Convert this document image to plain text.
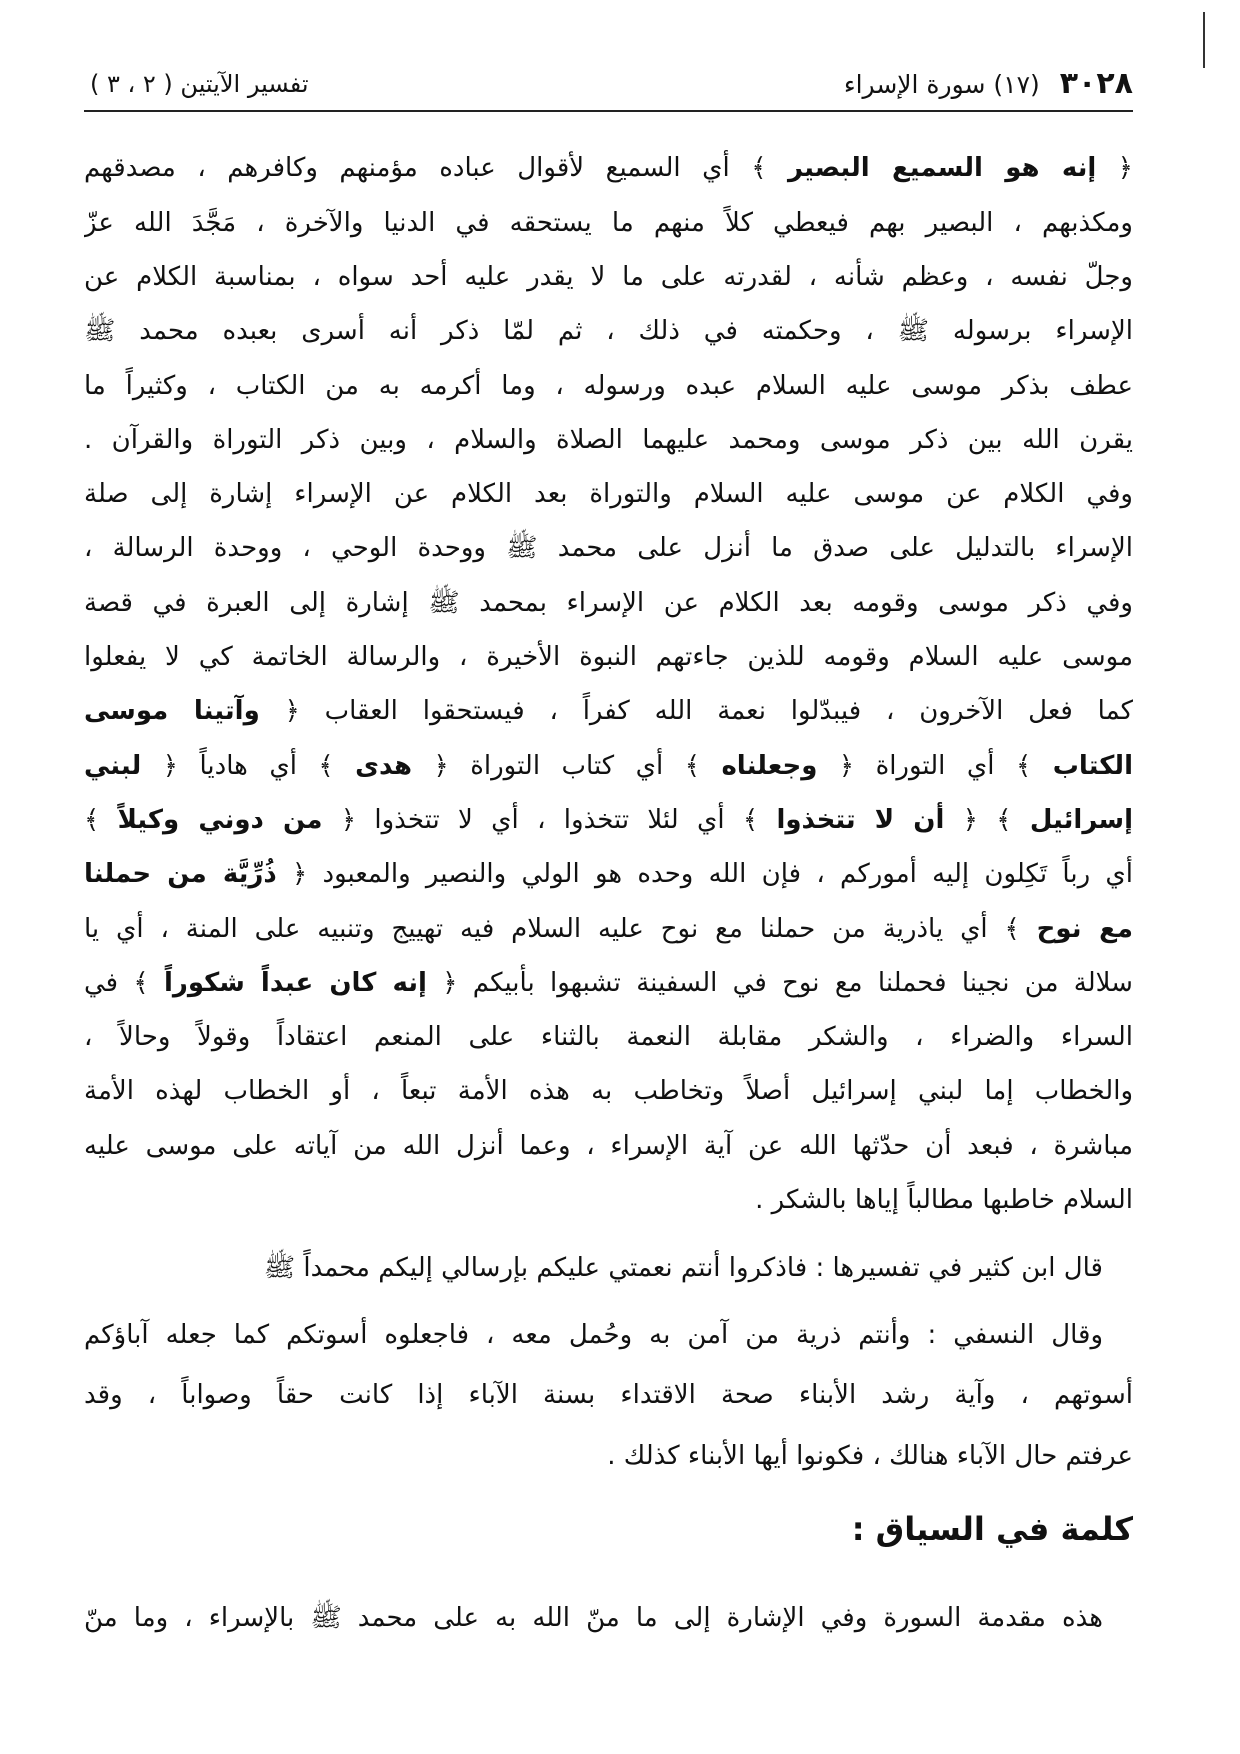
٣٠٢٨ (١٧) سورة الإسراء
تفسير الآيتين ( ٢ ، ٣ )
﴿ إنه هو السميع البصير ﴾ أي السميع لأقوال عباده مؤمنهم وكافرهم ، مصدقهم
ومكذبهم ، البصير بهم فيعطي كلاً منهم ما يستحقه في الدنيا والآخرة ، مَجَّدَ الله عزّ
وجلّ نفسه ، وعظم شأنه ، لقدرته على ما لا يقدر عليه أحد سواه ، بمناسبة الكلام عن
الإسراء برسوله ﷺ ، وحكمته في ذلك ، ثم لمّا ذكر أنه أسرى بعبده محمد ﷺ
عطف بذكر موسى عليه السلام عبده ورسوله ، وما أكرمه به من الكتاب ، وكثيراً ما
يقرن الله بين ذكر موسى ومحمد عليهما الصلاة والسلام ، وبين ذكر التوراة والقرآن .
وفي الكلام عن موسى عليه السلام والتوراة بعد الكلام عن الإسراء إشارة إلى صلة
الإسراء بالتدليل على صدق ما أنزل على محمد ﷺ ووحدة الوحي ، ووحدة الرسالة ،
وفي ذكر موسى وقومه بعد الكلام عن الإسراء بمحمد ﷺ إشارة إلى العبرة في قصة
موسى عليه السلام وقومه للذين جاءتهم النبوة الأخيرة ، والرسالة الخاتمة كي لا يفعلوا
كما فعل الآخرون ، فيبدّلوا نعمة الله كفراً ، فيستحقوا العقاب ﴿ وآتينا موسى
الكتاب ﴾ أي التوراة ﴿ وجعلناه ﴾ أي كتاب التوراة ﴿ هدى ﴾ أي هادياً ﴿ لبني
إسرائيل ﴾ ﴿ أن لا تتخذوا ﴾ أي لئلا تتخذوا ، أي لا تتخذوا ﴿ من دوني وكيلاً ﴾
أي رباً تَكِلون إليه أموركم ، فإن الله وحده هو الولي والنصير والمعبود ﴿ ذُرِّيَّة من حملنا
مع نوح ﴾ أي ياذرية من حملنا مع نوح عليه السلام فيه تهييج وتنبيه على المنة ، أي يا
سلالة من نجينا فحملنا مع نوح في السفينة تشبهوا بأبيكم ﴿ إنه كان عبداً شكوراً ﴾ في
السراء والضراء ، والشكر مقابلة النعمة بالثناء على المنعم اعتقاداً وقولاً وحالاً ،
والخطاب إما لبني إسرائيل أصلاً وتخاطب به هذه الأمة تبعاً ، أو الخطاب لهذه الأمة
مباشرة ، فبعد أن حدّثها الله عن آية الإسراء ، وعما أنزل الله من آياته على موسى عليه
السلام خاطبها مطالباً إياها بالشكر .
قال ابن كثير في تفسيرها : فاذكروا أنتم نعمتي عليكم بإرسالي إليكم محمداً ﷺ
وقال النسفي : وأنتم ذرية من آمن به وحُمل معه ، فاجعلوه أسوتكم كما جعله آباؤكم
أسوتهم ، وآية رشد الأبناء صحة الاقتداء بسنة الآباء إذا كانت حقاً وصواباً ، وقد
عرفتم حال الآباء هنالك ، فكونوا أيها الأبناء كذلك .
كلمة في السياق :
هذه مقدمة السورة وفي الإشارة إلى ما منّ الله به على محمد ﷺ بالإسراء ، وما منّ
